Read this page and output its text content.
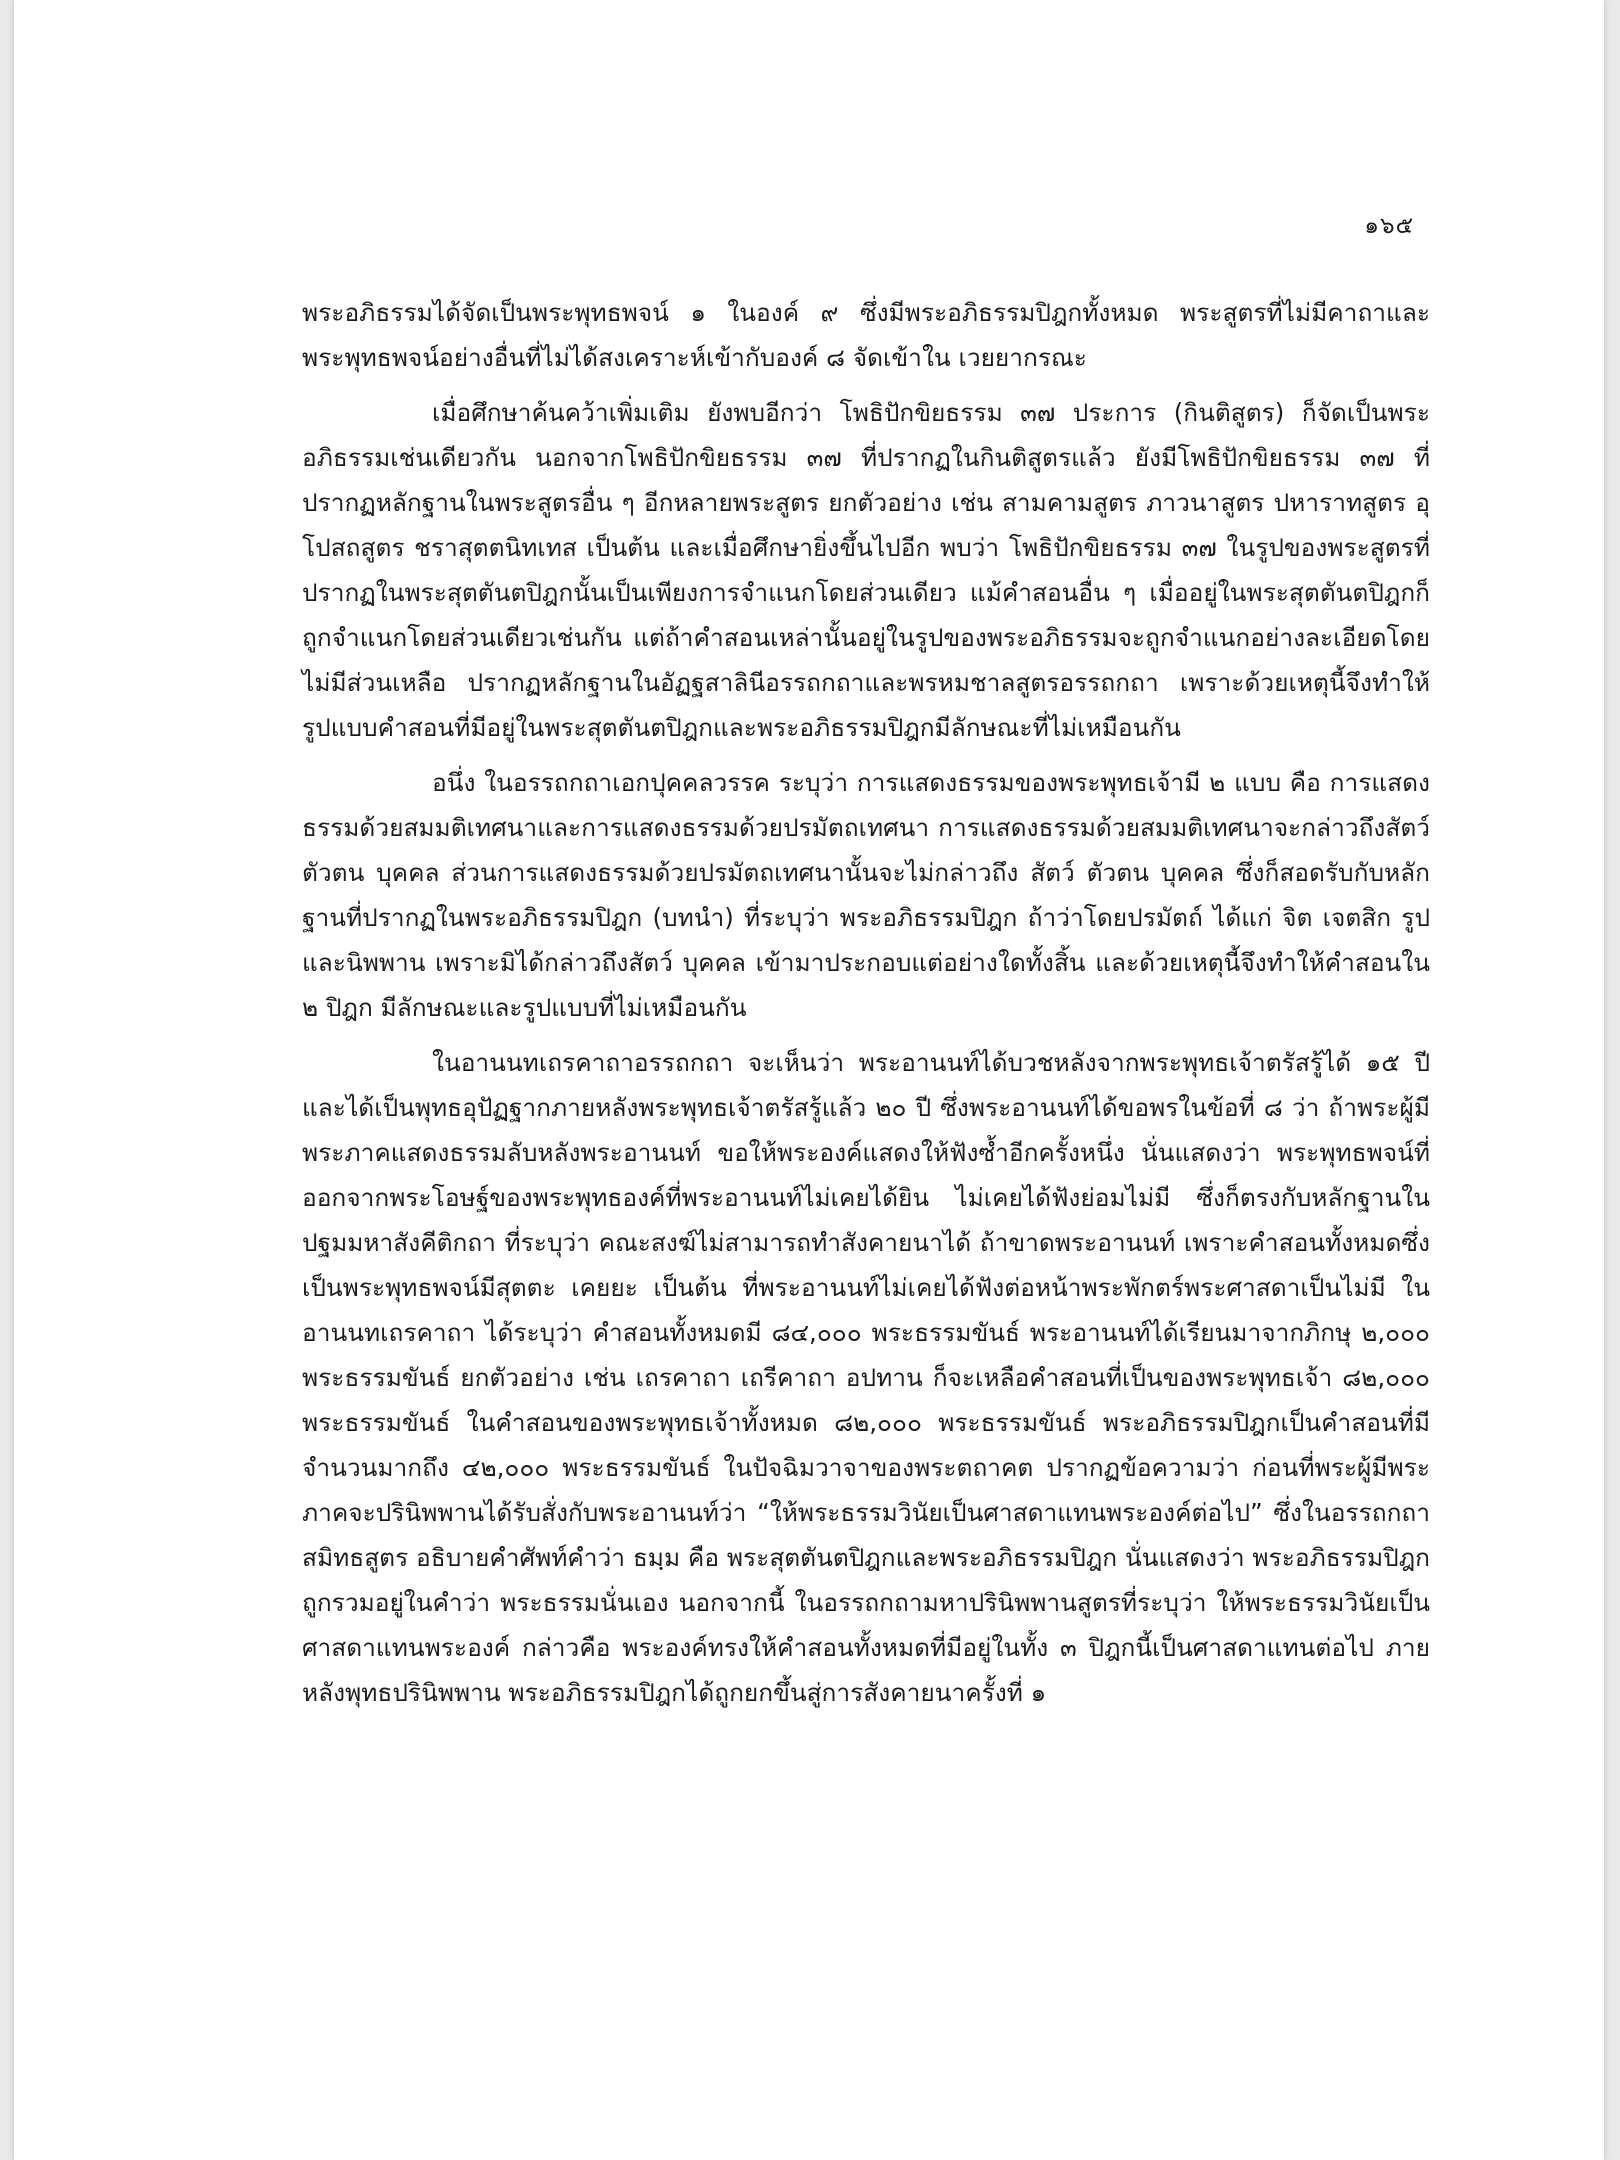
๑๖๕

พระอภิธรรมได้จัดเป็นพระพุทธพจน์ ๑ ในองค์ ๙ ซึ่งมีพระอภิธรรมปิฎกทั้งหมด พระสูตรที่ไม่มีคาถาและพระพุทธพจน์อย่างอื่นที่ไม่ได้สงเคราะห์เข้ากับองค์ ๘ จัดเข้าใน เวยยากรณะ

เมื่อศึกษาค้นคว้าเพิ่มเติม ยังพบอีกว่า โพธิปักขิยธรรม ๓๗ ประการ (กินติสูตร) ก็จัดเป็นพระอภิธรรมเช่นเดียวกัน นอกจากโพธิปักขิยธรรม ๓๗ ที่ปรากฏในกินติสูตรแล้ว ยังมีโพธิปักขิยธรรม ๓๗ ที่ปรากฏหลักฐานในพระสูตรอื่น ๆ อีกหลายพระสูตร ยกตัวอย่าง เช่น สามคามสูตร ภาวนาสูตร ปหาราทสูตร อุโปสถสูตร ชราสุตตนิทเทส เป็นต้น และเมื่อศึกษายิ่งขึ้นไปอีก พบว่า โพธิปักขิยธรรม ๓๗ ในรูปของพระสูตรที่ปรากฏในพระสุตตันตปิฎกนั้นเป็นเพียงการจำแนกโดยส่วนเดียว แม้คำสอนอื่น ๆ เมื่ออยู่ในพระสุตตันตปิฎกก็ถูกจำแนกโดยส่วนเดียวเช่นกัน แต่ถ้าคำสอนเหล่านั้นอยู่ในรูปของพระอภิธรรมจะถูกจำแนกอย่างละเอียดโดยไม่มีส่วนเหลือ ปรากฏหลักฐานในอัฏฐสาลินีอรรถกถาและพรหมชาลสูตรอรรถกถา เพราะด้วยเหตุนี้จึงทำให้รูปแบบคำสอนที่มีอยู่ในพระสุตตันตปิฎกและพระอภิธรรมปิฎกมีลักษณะที่ไม่เหมือนกัน

อนึ่ง ในอรรถกถาเอกปุคคลวรรค ระบุว่า การแสดงธรรมของพระพุทธเจ้ามี ๒ แบบ คือ การแสดงธรรมด้วยสมมติเทศนาและการแสดงธรรมด้วยปรมัตถเทศนา การแสดงธรรมด้วยสมมติเทศนาจะกล่าวถึงสัตว์ ตัวตน บุคคล ส่วนการแสดงธรรมด้วยปรมัตถเทศนานั้นจะไม่กล่าวถึง สัตว์ ตัวตน บุคคล ซึ่งก็สอดรับกับหลักฐานที่ปรากฏในพระอภิธรรมปิฎก (บทนำ) ที่ระบุว่า พระอภิธรรมปิฎก ถ้าว่าโดยปรมัตถ์ ได้แก่ จิต เจตสิก รูป และนิพพาน เพราะมิได้กล่าวถึงสัตว์ บุคคล เข้ามาประกอบแต่อย่างใดทั้งสิ้น และด้วยเหตุนี้จึงทำให้คำสอนใน ๒ ปิฎก มีลักษณะและรูปแบบที่ไม่เหมือนกัน

ในอานนทเถรคาถาอรรถกถา จะเห็นว่า พระอานนท์ได้บวชหลังจากพระพุทธเจ้าตรัสรู้ได้ ๑๕ ปี และได้เป็นพุทธอุปัฏฐากภายหลังพระพุทธเจ้าตรัสรู้แล้ว ๒๐ ปี ซึ่งพระอานนท์ได้ขอพรในข้อที่ ๘ ว่า ถ้าพระผู้มีพระภาคแสดงธรรมลับหลังพระอานนท์ ขอให้พระองค์แสดงให้ฟังซ้ำอีกครั้งหนึ่ง นั่นแสดงว่า พระพุทธพจน์ที่ออกจากพระโอษฐ์ของพระพุทธองค์ที่พระอานนท์ไม่เคยได้ยิน ไม่เคยได้ฟังย่อมไม่มี ซึ่งก็ตรงกับหลักฐานในปฐมมหาสังคีติกถา ที่ระบุว่า คณะสงฆ์ไม่สามารถทำสังคายนาได้ ถ้าขาดพระอานนท์ เพราะคำสอนทั้งหมดซึ่งเป็นพระพุทธพจน์มีสุตตะ เคยยะ เป็นต้น ที่พระอานนท์ไม่เคยได้ฟังต่อหน้าพระพักตร์พระศาสดาเป็นไม่มี ในอานนทเถรคาถา ได้ระบุว่า คำสอนทั้งหมดมี ๘๔,๐๐๐ พระธรรมขันธ์ พระอานนท์ได้เรียนมาจากภิกษุ ๒,๐๐๐ พระธรรมขันธ์ ยกตัวอย่าง เช่น เถรคาถา เถรีคาถา อปทาน ก็จะเหลือคำสอนที่เป็นของพระพุทธเจ้า ๘๒,๐๐๐ พระธรรมขันธ์ ในคำสอนของพระพุทธเจ้าทั้งหมด ๘๒,๐๐๐ พระธรรมขันธ์ พระอภิธรรมปิฎกเป็นคำสอนที่มีจำนวนมากถึง ๔๒,๐๐๐ พระธรรมขันธ์ ในปัจฉิมวาจาของพระตถาคต ปรากฏข้อความว่า ก่อนที่พระผู้มีพระภาคจะปรินิพพานได้รับสั่งกับพระอานนท์ว่า “ให้พระธรรมวินัยเป็นศาสดาแทนพระองค์ต่อไป” ซึ่งในอรรถกถาสมิทธสูตร อธิบายคำศัพท์คำว่า ธมฺม คือ พระสุตตันตปิฎกและพระอภิธรรมปิฎก นั่นแสดงว่า พระอภิธรรมปิฎกถูกรวมอยู่ในคำว่า พระธรรมนั่นเอง นอกจากนี้ ในอรรถกถามหาปรินิพพานสูตรที่ระบุว่า ให้พระธรรมวินัยเป็นศาสดาแทนพระองค์ กล่าวคือ พระองค์ทรงให้คำสอนทั้งหมดที่มีอยู่ในทั้ง ๓ ปิฎกนี้เป็นศาสดาแทนต่อไป ภายหลังพุทธปรินิพพาน พระอภิธรรมปิฎกได้ถูกยกขึ้นสู่การสังคายนาครั้งที่ ๑
